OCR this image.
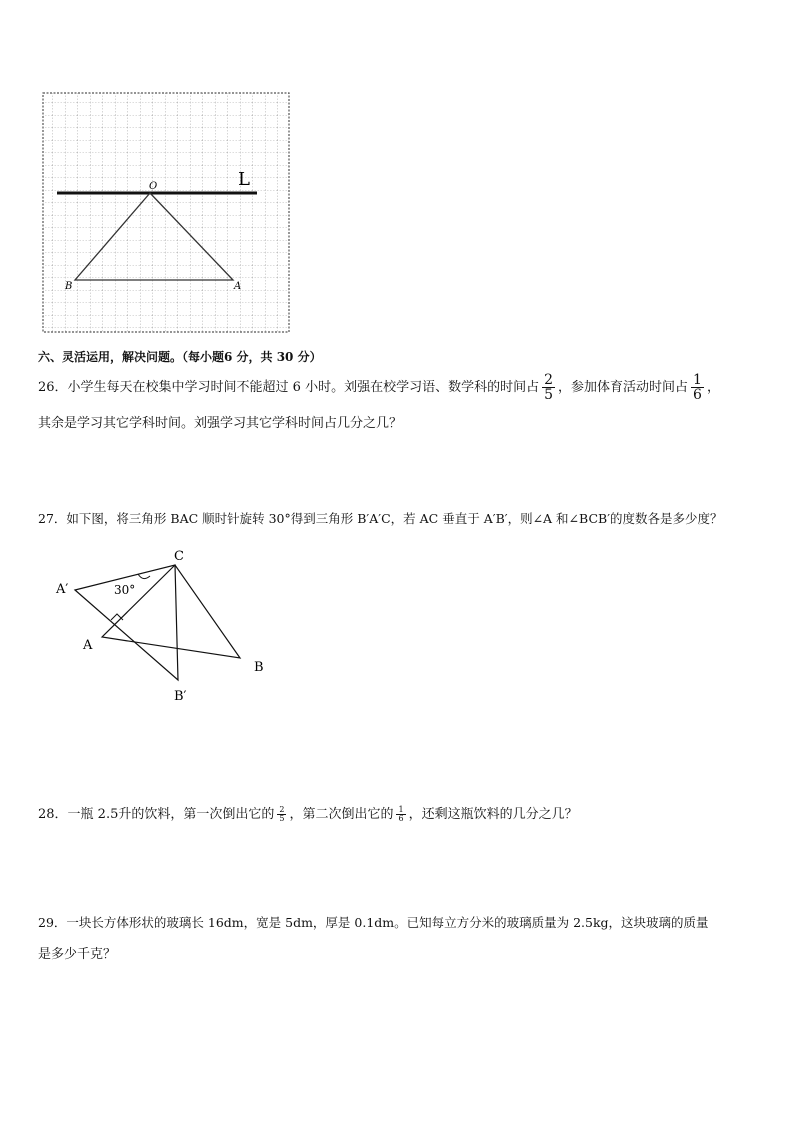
L
O
B	A
六、灵活运用，解决问题。（每小题6 分，共 30 分）
26．小学生每天在校集中学习时间不能超过 6 小时。刘强在校学习语、数学科的时间占 $\frac{2}{5}$ ，参加体育活动时间占 $\frac{1}{6}$ ，
其余是学习其它学科时间。刘强学习其它学科时间占几分之几？
27．如下图，将三角形 BAC 顺时针旋转 30°得到三角形 B′A′C，若 AC 垂直于 A′B′，则∠A 和∠BCB′的度数各是多少度？
C
A′	30°
A
B
B′
28．一瓶 2.5升的饮料，第一次倒出它的 $\frac{2}{5}$ ，第二次倒出它的 $\frac{1}{6}$ ，还剩这瓶饮料的几分之几？
29．一块长方体形状的玻璃长 16dm，宽是 5dm，厚是 0.1dm。已知每立方分米的玻璃质量为 2.5kg，这块玻璃的质量
是多少千克？
